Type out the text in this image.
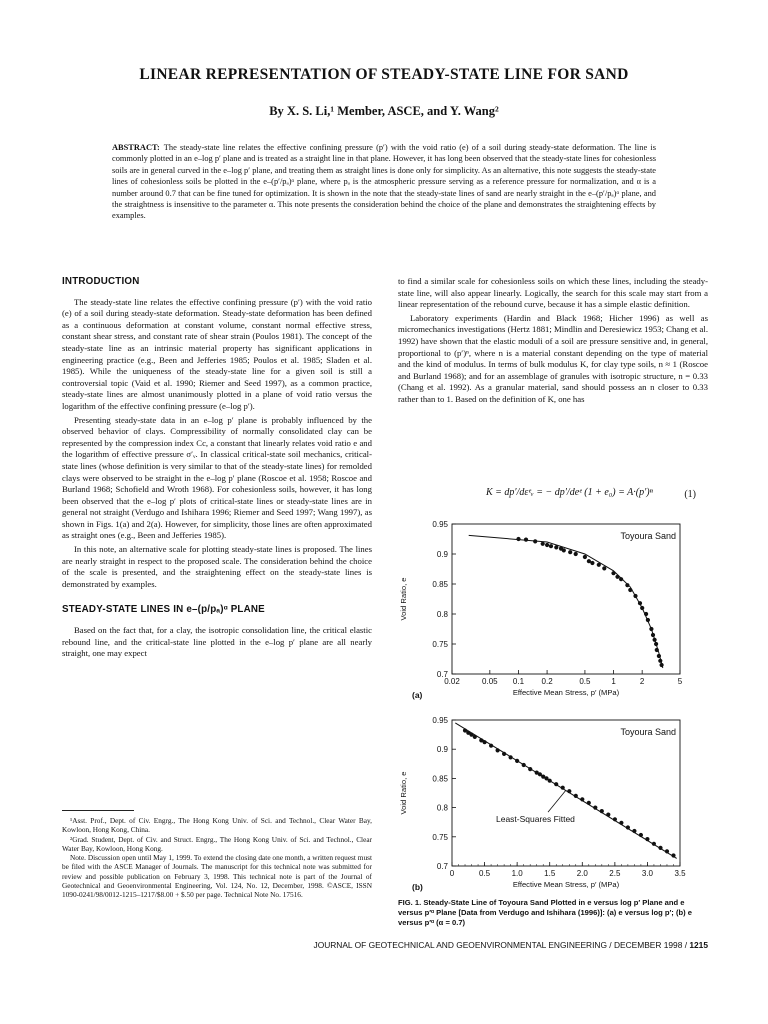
LINEAR REPRESENTATION OF STEADY-STATE LINE FOR SAND
By X. S. Li,¹ Member, ASCE, and Y. Wang²
ABSTRACT: The steady-state line relates the effective confining pressure (p′) with the void ratio (e) of a soil during steady-state deformation. The line is commonly plotted in an e–log p′ plane and is treated as a straight line in that plane. However, it has long been observed that the steady-state lines for cohesionless soils are in general curved in the e–log p′ plane, and treating them as straight lines is done only for simplicity. As an alternative, this note suggests the steady-state lines of cohesionless soils be plotted in the e–(p′/pₐ)ᵅ plane, where pₐ is the atmospheric pressure serving as a reference pressure for normalization, and α is a number around 0.7 that can be fine tuned for optimization. It is shown in the note that the steady-state lines of sand are nearly straight in the e–(p′/pₐ)ᵅ plane, and the straightness is insensitive to the parameter α. This note presents the consideration behind the choice of the plane and demonstrates the straightening effects by examples.
INTRODUCTION

The steady-state line relates the effective confining pressure (p′) with the void ratio (e) of a soil during steady-state deformation. Steady-state deformation has been defined as a continuous deformation at constant volume, constant normal effective stress, constant shear stress, and constant rate of shear strain (Poulos 1981). The concept of the steady-state line as an intrinsic material property has significant applications in engineering practice (e.g., Been and Jefferies 1985; Poulos et al. 1985; Sladen et al. 1985). While the uniqueness of the steady-state line for a given soil is still a controversial topic (Vaid et al. 1990; Riemer and Seed 1997), as a common practice, steady-state lines are almost unanimously plotted in a plane of void ratio versus the logarithm of the effective confining pressure (e–log p′).

Presenting steady-state data in an e–log p′ plane is probably influenced by the observed behavior of clays. Compressibility of normally consolidated clay can be represented by the compression index Cc, a constant that linearly relates void ratio e and the logarithm of effective pressure σ′ᵥ. In classical critical-state soil mechanics, critical-state lines (whose definition is very similar to that of the steady-state lines) for remolded clays were observed to be straight in the e–log p′ plane (Roscoe et al. 1958; Roscoe and Burland 1968; Schofield and Wroth 1968). For cohesionless soils, however, it has long been observed that the e–log p′ plots of critical-state lines or steady-state lines are in general not straight (Verdugo and Ishihara 1996; Riemer and Seed 1997; Wang 1997), as shown in Figs. 1(a) and 2(a). However, for simplicity, those lines are often approximated as straight ones (e.g., Been and Jefferies 1985).

In this note, an alternative scale for plotting steady-state lines is proposed. The lines are nearly straight in respect to the proposed scale. The consideration behind the choice of the scale is presented, and the straightening effect on the steady-state lines is demonstrated by examples.

STEADY-STATE LINES IN e–(p/pₐ)ᵅ PLANE

Based on the fact that, for a clay, the isotropic consolidation line, the critical elastic rebound line, and the critical-state line plotted in the e–log p′ plane are all nearly straight, one may expect

¹Asst. Prof., Dept. of Civ. Engrg., The Hong Kong Univ. of Sci. and Technol., Clear Water Bay, Kowloon, Hong Kong, China.

²Grad. Student, Dept. of Civ. and Struct. Engrg., The Hong Kong Univ. of Sci. and Technol., Clear Water Bay, Kowloon, Hong Kong.

Note. Discussion open until May 1, 1999. To extend the closing date one month, a written request must be filed with the ASCE Manager of Journals. The manuscript for this technical note was submitted for review and possible publication on February 3, 1998. This technical note is part of the Journal of Geotechnical and Geoenvironmental Engineering, Vol. 124, No. 12, December, 1998. ©ASCE, ISSN 1090-0241/98/0012-1215–1217/$8.00 + $.50 per page. Technical Note No. 17516.

to find a similar scale for cohesionless soils on which these lines, including the steady-state line, will also appear linearly. Logically, the search for this scale may start from a linear representation of the rebound curve, because it has a simple elastic definition.

Laboratory experiments (Hardin and Black 1968; Hicher 1996) as well as micromechanics investigations (Hertz 1881; Mindlin and Deresiewicz 1953; Chang et al. 1992) have shown that the elastic moduli of a soil are pressure sensitive and, in general, proportional to (p′)ⁿ, where n is a material constant depending on the type of material and the kind of modulus. In terms of bulk modulus K, for clay type soils, n ≈ 1 (Roscoe and Burland 1968); and for an assemblage of granules with isotropic structure, n = 0.33 (Chang et al. 1992). As a granular material, sand should possess an n closer to 0.33 rather than to 1. Based on the definition of K, one has

K = dp′/dεᵉᵥ = − dp′/deᵉ (1 + e₀) = A·(p′)ⁿ	(1)
0.95
0.9
0.85
0.8
0.75
0.7
0.02	0.05 0.1 0.2	0.5	1	2	5
Effective Mean Stress, p′ (MPa)
Void Ratio, e
Toyoura Sand
(a)
0.95
0.9
0.85
0.8
0.75
0.7
0	0.5	1.0	1.5	2.0	2.5	3.0	3.5
Effective Mean Stress, p′ (MPa)
Void Ratio, e
Toyoura Sand
(b)
Least-Squares Fitted
FIG. 1. Steady-State Line of Toyoura Sand Plotted in e versus log p′ Plane and e versus p′ᵅ Plane [Data from Verdugo and Ishihara (1996)]: (a) e versus log p′; (b) e versus p′ᵅ (α = 0.7)
JOURNAL OF GEOTECHNICAL AND GEOENVIRONMENTAL ENGINEERING / DECEMBER 1998 / 1215
